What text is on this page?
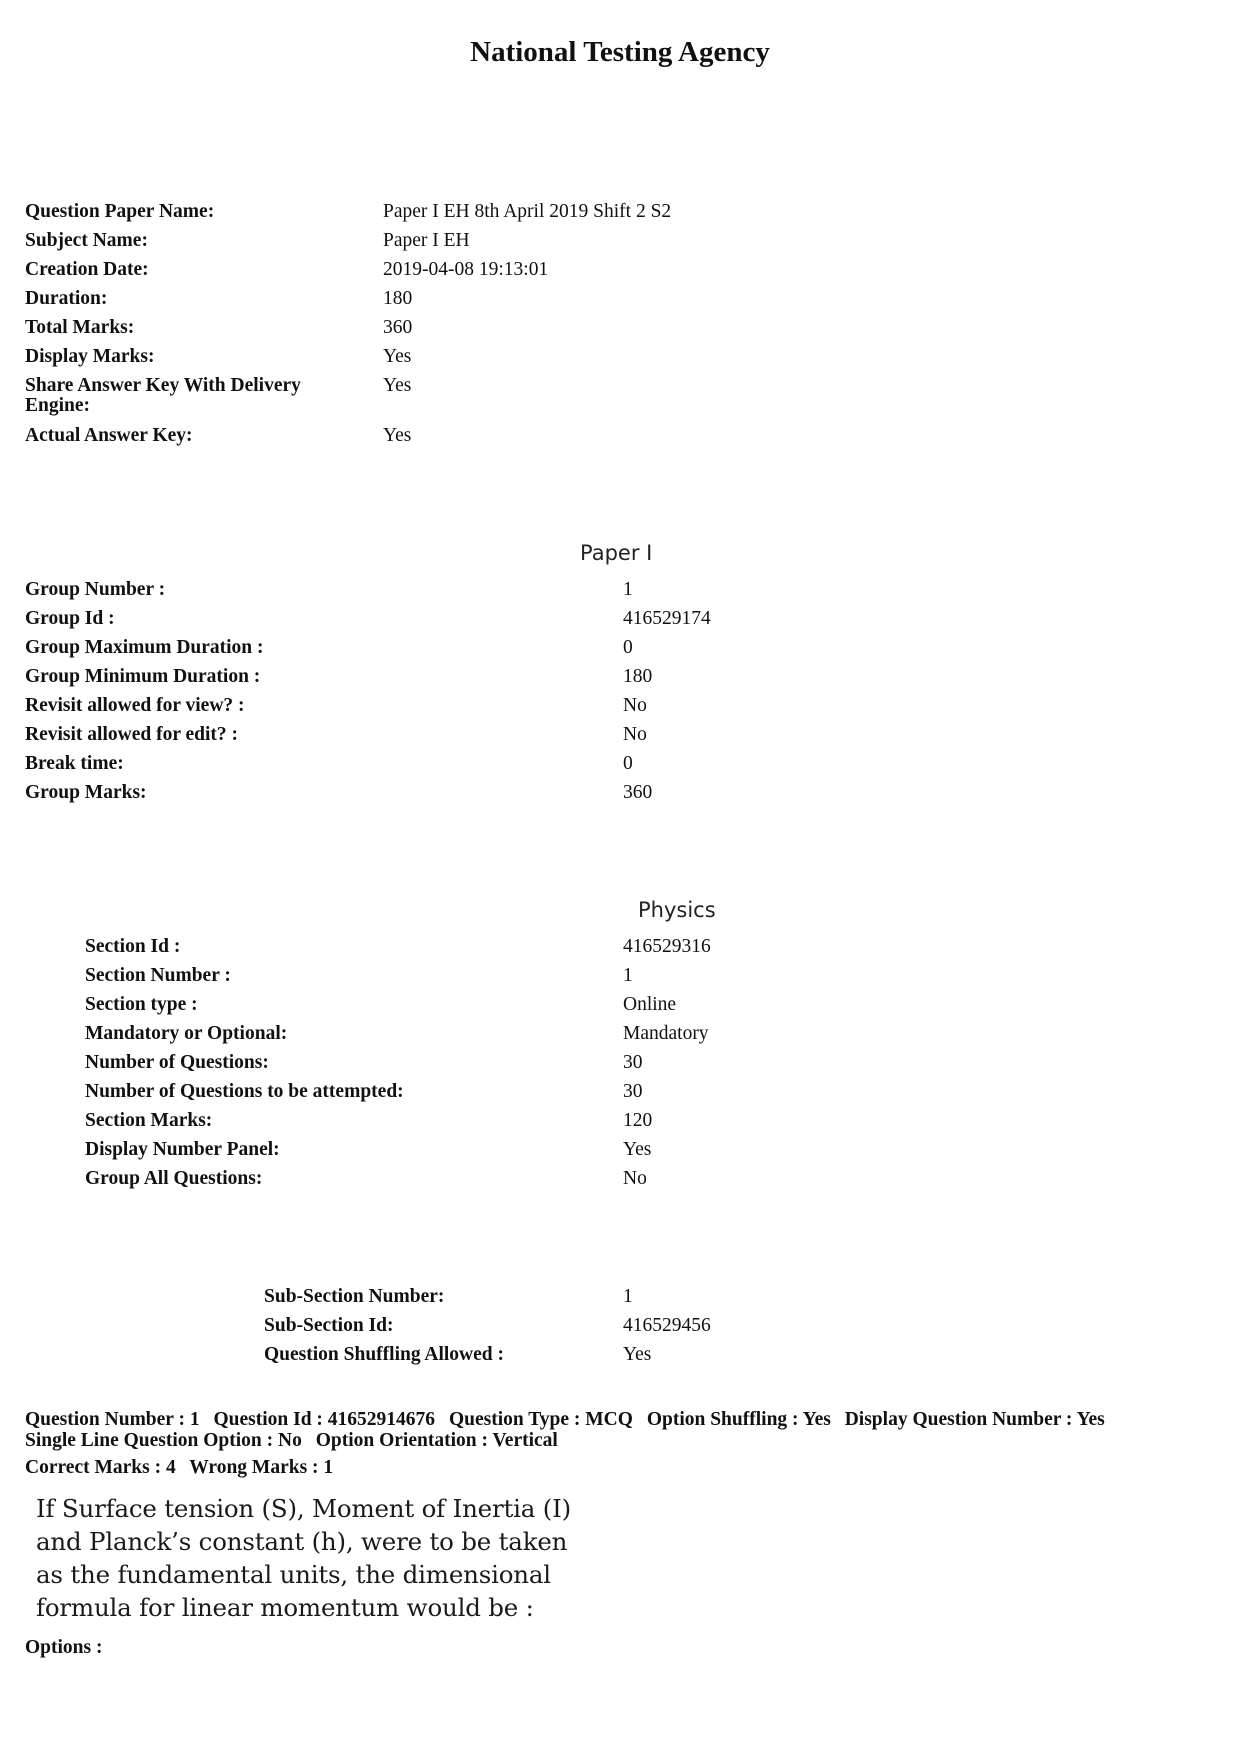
National Testing Agency
Question Paper Name:	Paper I EH 8th April 2019 Shift 2 S2
Subject Name:	Paper I EH
Creation Date:	2019-04-08 19:13:01
Duration:	180
Total Marks:	360
Display Marks:	Yes
Share Answer Key With Delivery Engine:
Yes
Actual Answer Key:	Yes
Paper I
Group Number :	1
Group Id :	416529174
Group Maximum Duration :	0
Group Minimum Duration :	180
Revisit allowed for view? :	No
Revisit allowed for edit? :	No
Break time:	0
Group Marks:	360
Physics
Section Id :	416529316
Section Number :	1
Section type :	Online
Mandatory or Optional:	Mandatory
Number of Questions:	30
Number of Questions to be attempted:	30
Section Marks:	120
Display Number Panel:	Yes
Group All Questions:	No
Sub-Section Number:	1
Sub-Section Id:	416529456
Question Shuffling Allowed :	Yes
Question Number : 1 Question Id : 41652914676 Question Type : MCQ Option Shuffling : Yes Display Question Number : Yes
Single Line Question Option : No Option Orientation : Vertical
Correct Marks : 4 Wrong Marks : 1
If Surface tension (S), Moment of Inertia (I)
and Planck’s constant (h), were to be taken
as the fundamental units, the dimensional
formula for linear momentum would be :
Options :
